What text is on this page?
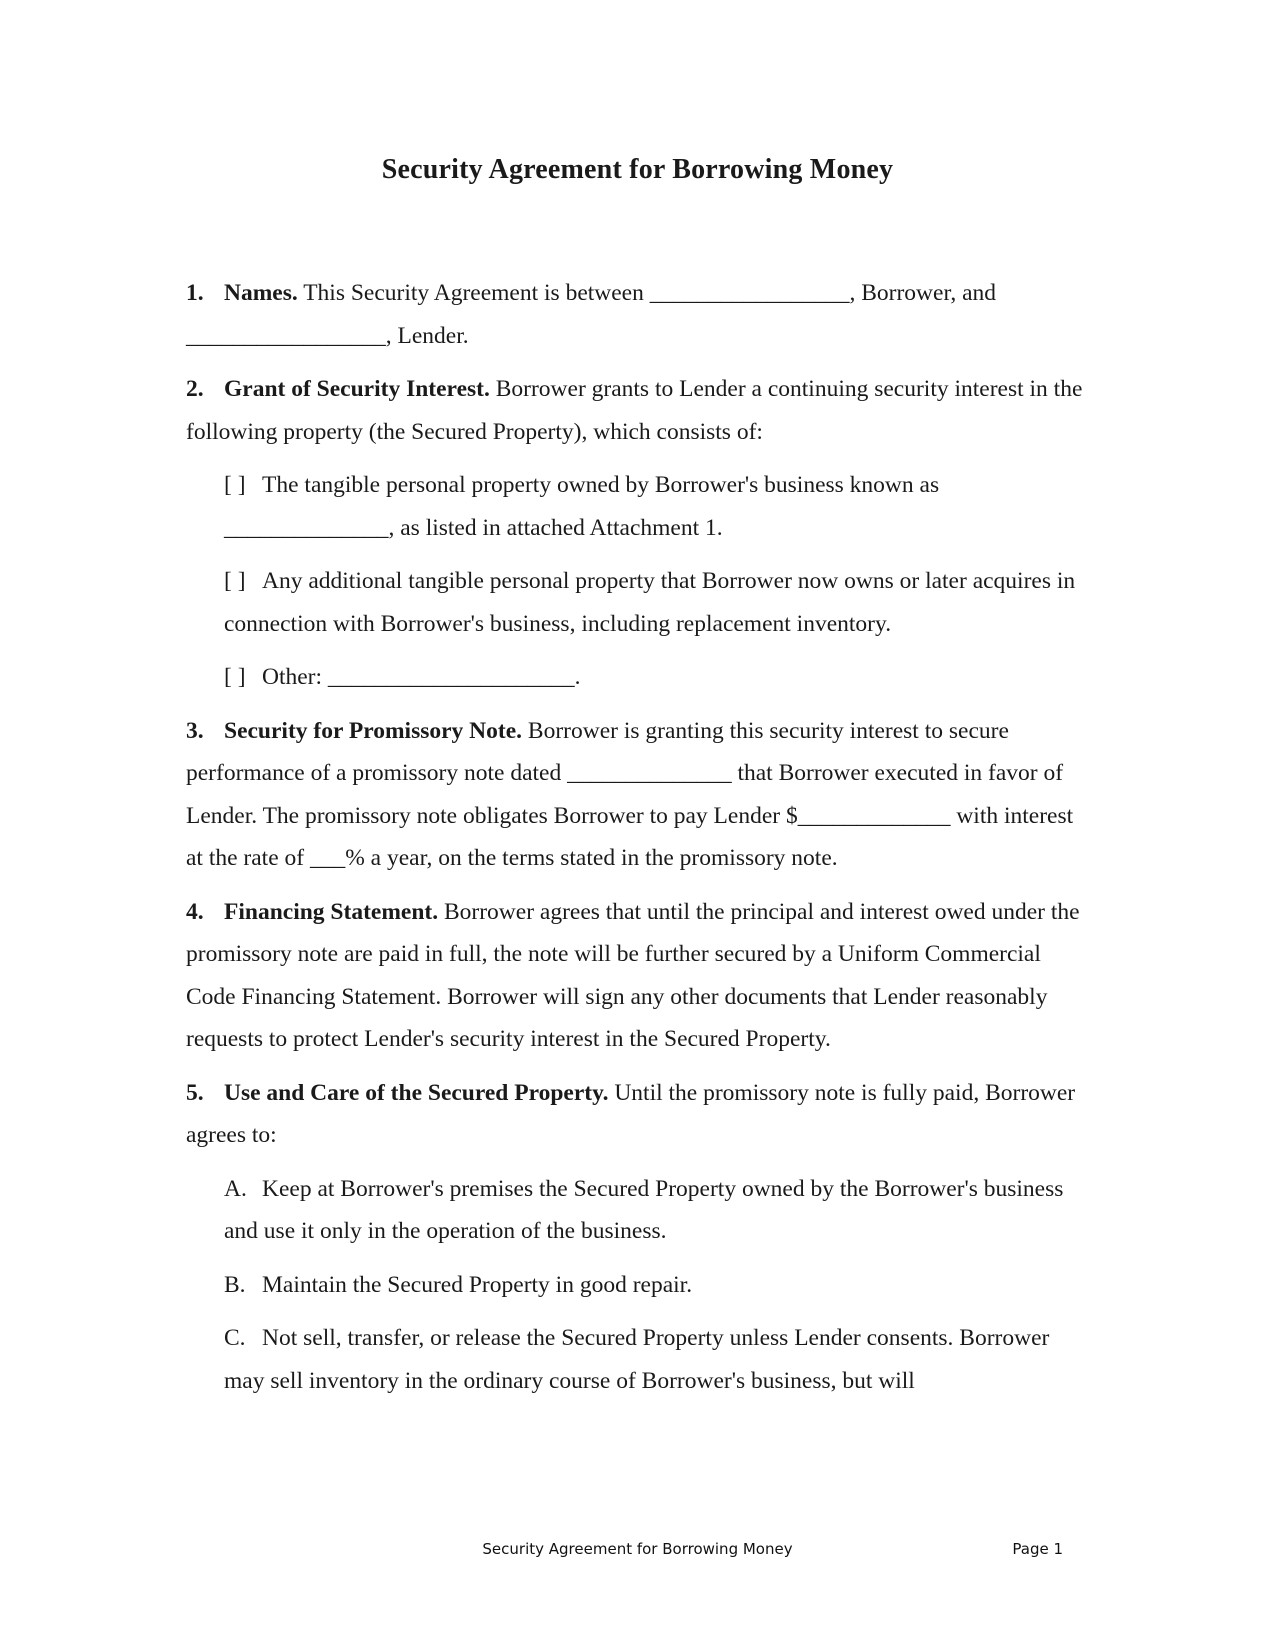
Security Agreement for Borrowing Money

1. Names. This Security Agreement is between _________________, Borrower, and _________________, Lender.

2. Grant of Security Interest. Borrower grants to Lender a continuing security interest in the following property (the Secured Property), which consists of:

[ ] The tangible personal property owned by Borrower's business known as ______________, as listed in attached Attachment 1.

[ ] Any additional tangible personal property that Borrower now owns or later acquires in connection with Borrower's business, including replacement inventory.

[ ] Other: _____________________.

3. Security for Promissory Note. Borrower is granting this security interest to secure performance of a promissory note dated ______________ that Borrower executed in favor of Lender. The promissory note obligates Borrower to pay Lender $_____________ with interest at the rate of ___% a year, on the terms stated in the promissory note.

4. Financing Statement. Borrower agrees that until the principal and interest owed under the promissory note are paid in full, the note will be further secured by a Uniform Commercial Code Financing Statement. Borrower will sign any other documents that Lender reasonably requests to protect Lender's security interest in the Secured Property.

5. Use and Care of the Secured Property. Until the promissory note is fully paid, Borrower agrees to:

A. Keep at Borrower's premises the Secured Property owned by the Borrower's business and use it only in the operation of the business.

B. Maintain the Secured Property in good repair.

C. Not sell, transfer, or release the Secured Property unless Lender consents. Borrower may sell inventory in the ordinary course of Borrower's business, but will

Security Agreement for Borrowing Money	Page 1
